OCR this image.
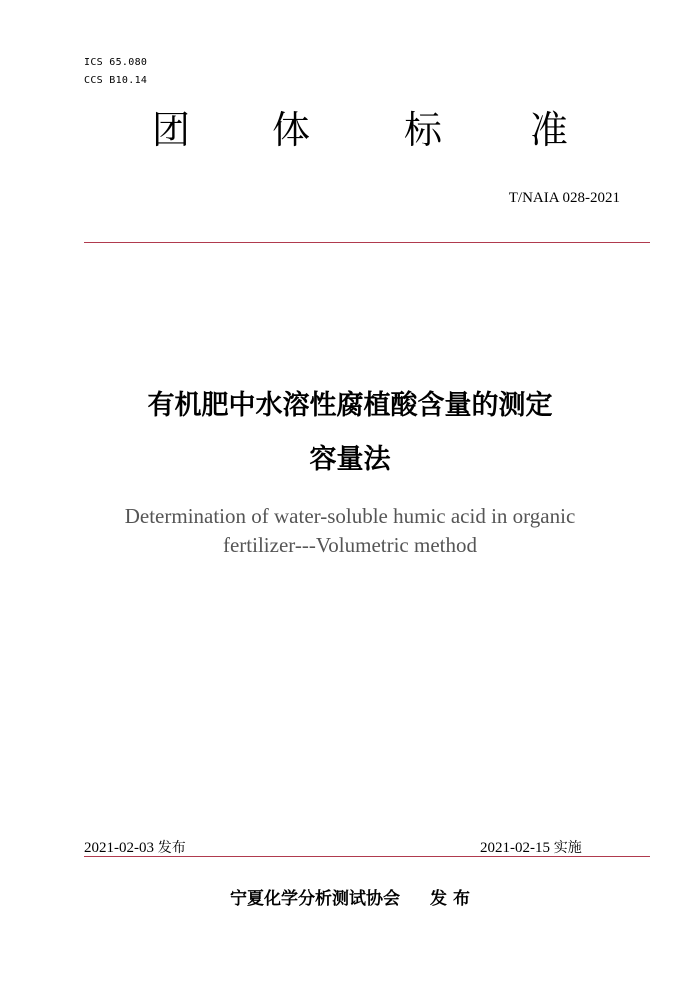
ICS 65.080
CCS B10.14
团 体 标 准
T/NAIA 028-2021
有机肥中水溶性腐植酸含量的测定
容量法
Determination of water-soluble humic acid in organic
fertilizer---Volumetric method
2021-02-03 发布	2021-02-15 实施
宁夏化学分析测试协会 发 布
